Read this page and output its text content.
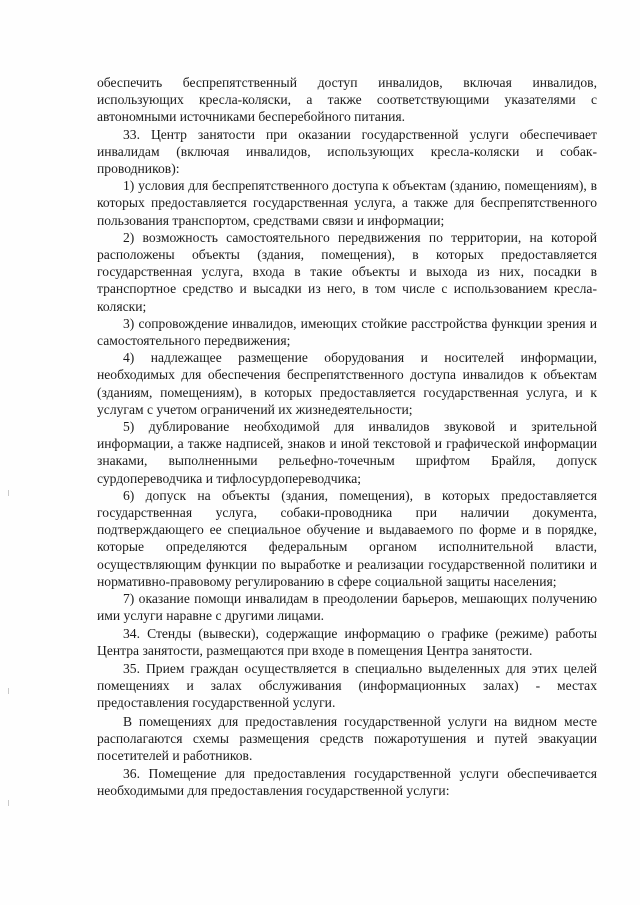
обеспечить беспрепятственный доступ инвалидов, включая инвалидов, использующих кресла-коляски, а также соответствующими указателями с автономными источниками бесперебойного питания.

33. Центр занятости при оказании государственной услуги обеспечивает инвалидам (включая инвалидов, использующих кресла-коляски и собак-проводников):

1) условия для беспрепятственного доступа к объектам (зданию, помещениям), в которых предоставляется государственная услуга, а также для беспрепятственного пользования транспортом, средствами связи и информации;

2) возможность самостоятельного передвижения по территории, на которой расположены объекты (здания, помещения), в которых предоставляется государственная услуга, входа в такие объекты и выхода из них, посадки в транспортное средство и высадки из него, в том числе с использованием кресла-коляски;

3) сопровождение инвалидов, имеющих стойкие расстройства функции зрения и самостоятельного передвижения;

4) надлежащее размещение оборудования и носителей информации, необходимых для обеспечения беспрепятственного доступа инвалидов к объектам (зданиям, помещениям), в которых предоставляется государственная услуга, и к услугам с учетом ограничений их жизнедеятельности;

5) дублирование необходимой для инвалидов звуковой и зрительной информации, а также надписей, знаков и иной текстовой и графической информации знаками, выполненными рельефно-точечным шрифтом Брайля, допуск сурдопереводчика и тифлосурдопереводчика;

6) допуск на объекты (здания, помещения), в которых предоставляется государственная услуга, собаки-проводника при наличии документа, подтверждающего ее специальное обучение и выдаваемого по форме и в порядке, которые определяются федеральным органом исполнительной власти, осуществляющим функции по выработке и реализации государственной политики и нормативно-правовому регулированию в сфере социальной защиты населения;

7) оказание помощи инвалидам в преодолении барьеров, мешающих получению ими услуги наравне с другими лицами.

34. Стенды (вывески), содержащие информацию о графике (режиме) работы Центра занятости, размещаются при входе в помещения Центра занятости.

35. Прием граждан осуществляется в специально выделенных для этих целей помещениях и залах обслуживания (информационных залах) - местах предоставления государственной услуги.

В помещениях для предоставления государственной услуги на видном месте располагаются схемы размещения средств пожаротушения и путей эвакуации посетителей и работников.

36. Помещение для предоставления государственной услуги обеспечивается необходимыми для предоставления государственной услуги:
